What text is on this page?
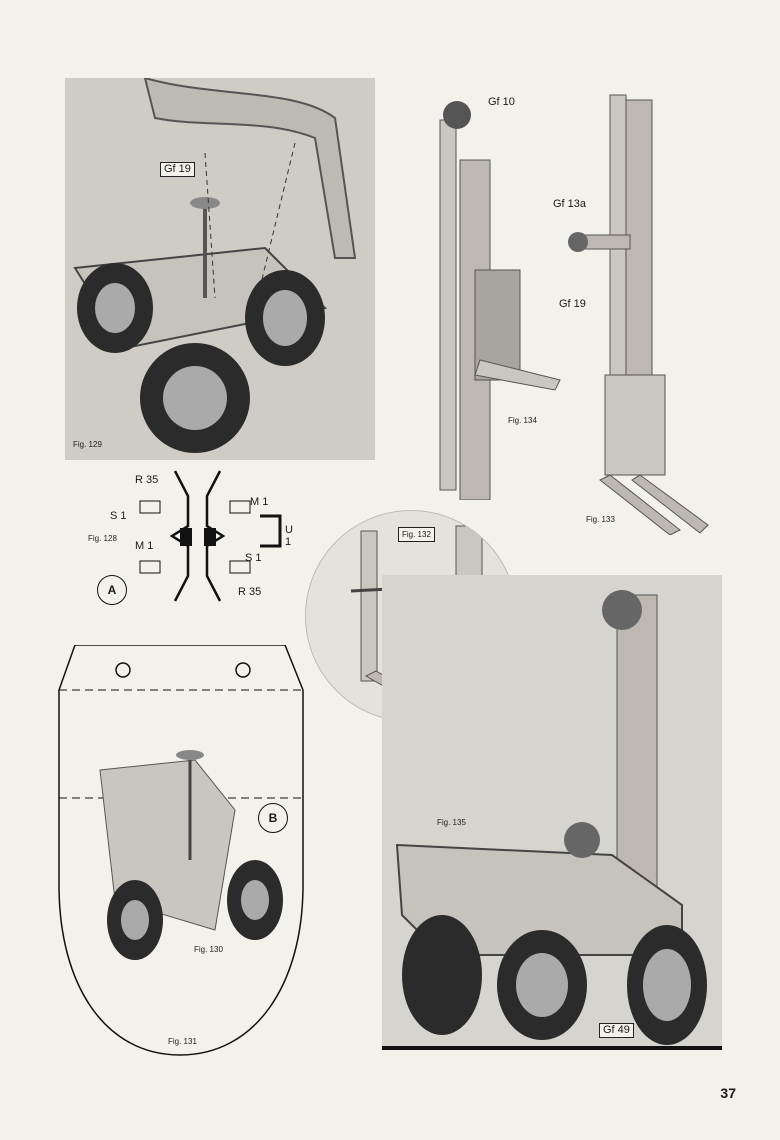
Fig. 129
Gf 19
Fig. 134
Gf 10
Fig. 133
Gf 13a
Gf 19
R 35
M 1
S 1
U 1
Fig. 128
M 1
S 1
R 35
A
Fig. 132
Fig. 130
Fig. 131
B	Fig. 135
Gf 49
37
